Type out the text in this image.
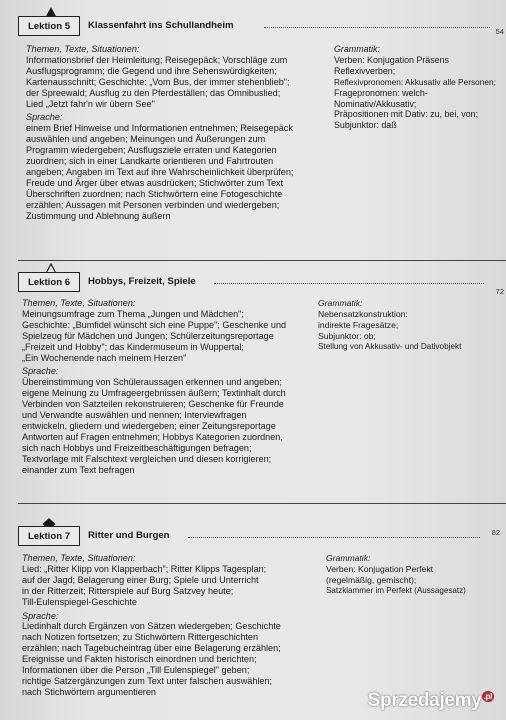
Lektion 5	Klassenfahrt ins Schullandheim
54
Themen, Texte, Situationen:
Informationsbrief der Heimleitung; Reisegepäck; Vorschläge zum
Ausflugsprogramm; die Gegend und ihre Sehenswürdigkeiten;
Kartenausschnitt; Geschichte: „Vom Bus, der immer stehenblieb";
der Spreewald; Ausflug zu den Pferdeställen; das Omnibuslied;
Lied „Jetzt fahr'n wir übern See"
Sprache:
einem Brief Hinweise und Informationen entnehmen; Reisegepäck
auswählen und angeben; Meinungen und Äußerungen zum
Programm wiedergeben; Ausflugsziele erraten und Kategorien
zuordnen; sich in einer Landkarte orientieren und Fahrtrouten
angeben; Angaben im Text auf ihre Wahrscheinlichkeit überprüfen;
Freude und Ärger über etwas ausdrücken; Stichwörter zum Text
Überschriften zuordnen; nach Stichwörtern eine Fotogeschichte
erzählen; Aussagen mit Personen verbinden und wiedergeben;
Zustimmung und Ablehnung äußern
Grammatik:
Verben: Konjugation Präsens
Reflexivverben;
Reflexivpronomen: Akkusativ alle Personen;
Fragepronomen: welch-
Nominativ/Akkusativ;
Präpositionen mit Dativ: zu, bei, von;
Subjunktor: daß
Lektion 6	Hobbys, Freizeit, Spiele
72
Themen, Texte, Situationen:
Meinungsumfrage zum Thema „Jungen und Mädchen";
Geschichte: „Bumfidel wünscht sich eine Puppe"; Geschenke und
Spielzeug für Mädchen und Jungen; Schülerzeitungsreportage
„Freizeit und Hobby"; das Kindermuseum in Wuppertal;
„Ein Wochenende nach meinem Herzen"
Sprache:
Übereinstimmung von Schüleraussagen erkennen und angeben;
eigene Meinung zu Umfrageergebnissen äußern; Textinhalt durch
Verbinden von Satzteilen rekonstruieren; Geschenke für Freunde
und Verwandte auswählen und nennen; Interviewfragen
entwickeln, gliedern und wiedergeben; einer Zeitungsreportage
Antworten auf Fragen entnehmen; Hobbys Kategorien zuordnen,
sich nach Hobbys und Freizeitbeschäftigungen befragen;
Textvorlage mit Falschtext vergleichen und diesen korrigieren;
einander zum Text befragen
Grammatik:
Nebensatzkonstruktion:
indirekte Fragesätze;
Subjunktor: ob;
Stellung von Akkusativ- und Dativobjekt
Lektion 7	Ritter und Burgen	82
Themen, Texte, Situationen:
Lied: „Ritter Klipp von Klapperbach"; Ritter Klipps Tagesplan;
auf der Jagd; Belagerung einer Burg; Spiele und Unterricht
in der Ritterzeit; Ritterspiele auf Burg Satzvey heute;
Till-Eulenspiegel-Geschichte
Sprache:
Liedinhalt durch Ergänzen von Sätzen wiedergeben; Geschichte
nach Notizen fortsetzen; zu Stichwörtern Rittergeschichten
erzählen; nach Tagebucheintrag über eine Belagerung erzählen;
Ereignisse und Fakten historisch einordnen und berichten;
Informationen über die Person „Till Eulenspiegel" geben;
richtige Satzergänzungen zum Text unter falschen auswählen;
nach Stichwörtern argumentieren
Grammatik:
Verben: Konjugation Perfekt
(regelmäßig, gemischt);
Satzklammer im Perfekt (Aussagesatz)
Sprzedajemy $^{.pl}$
